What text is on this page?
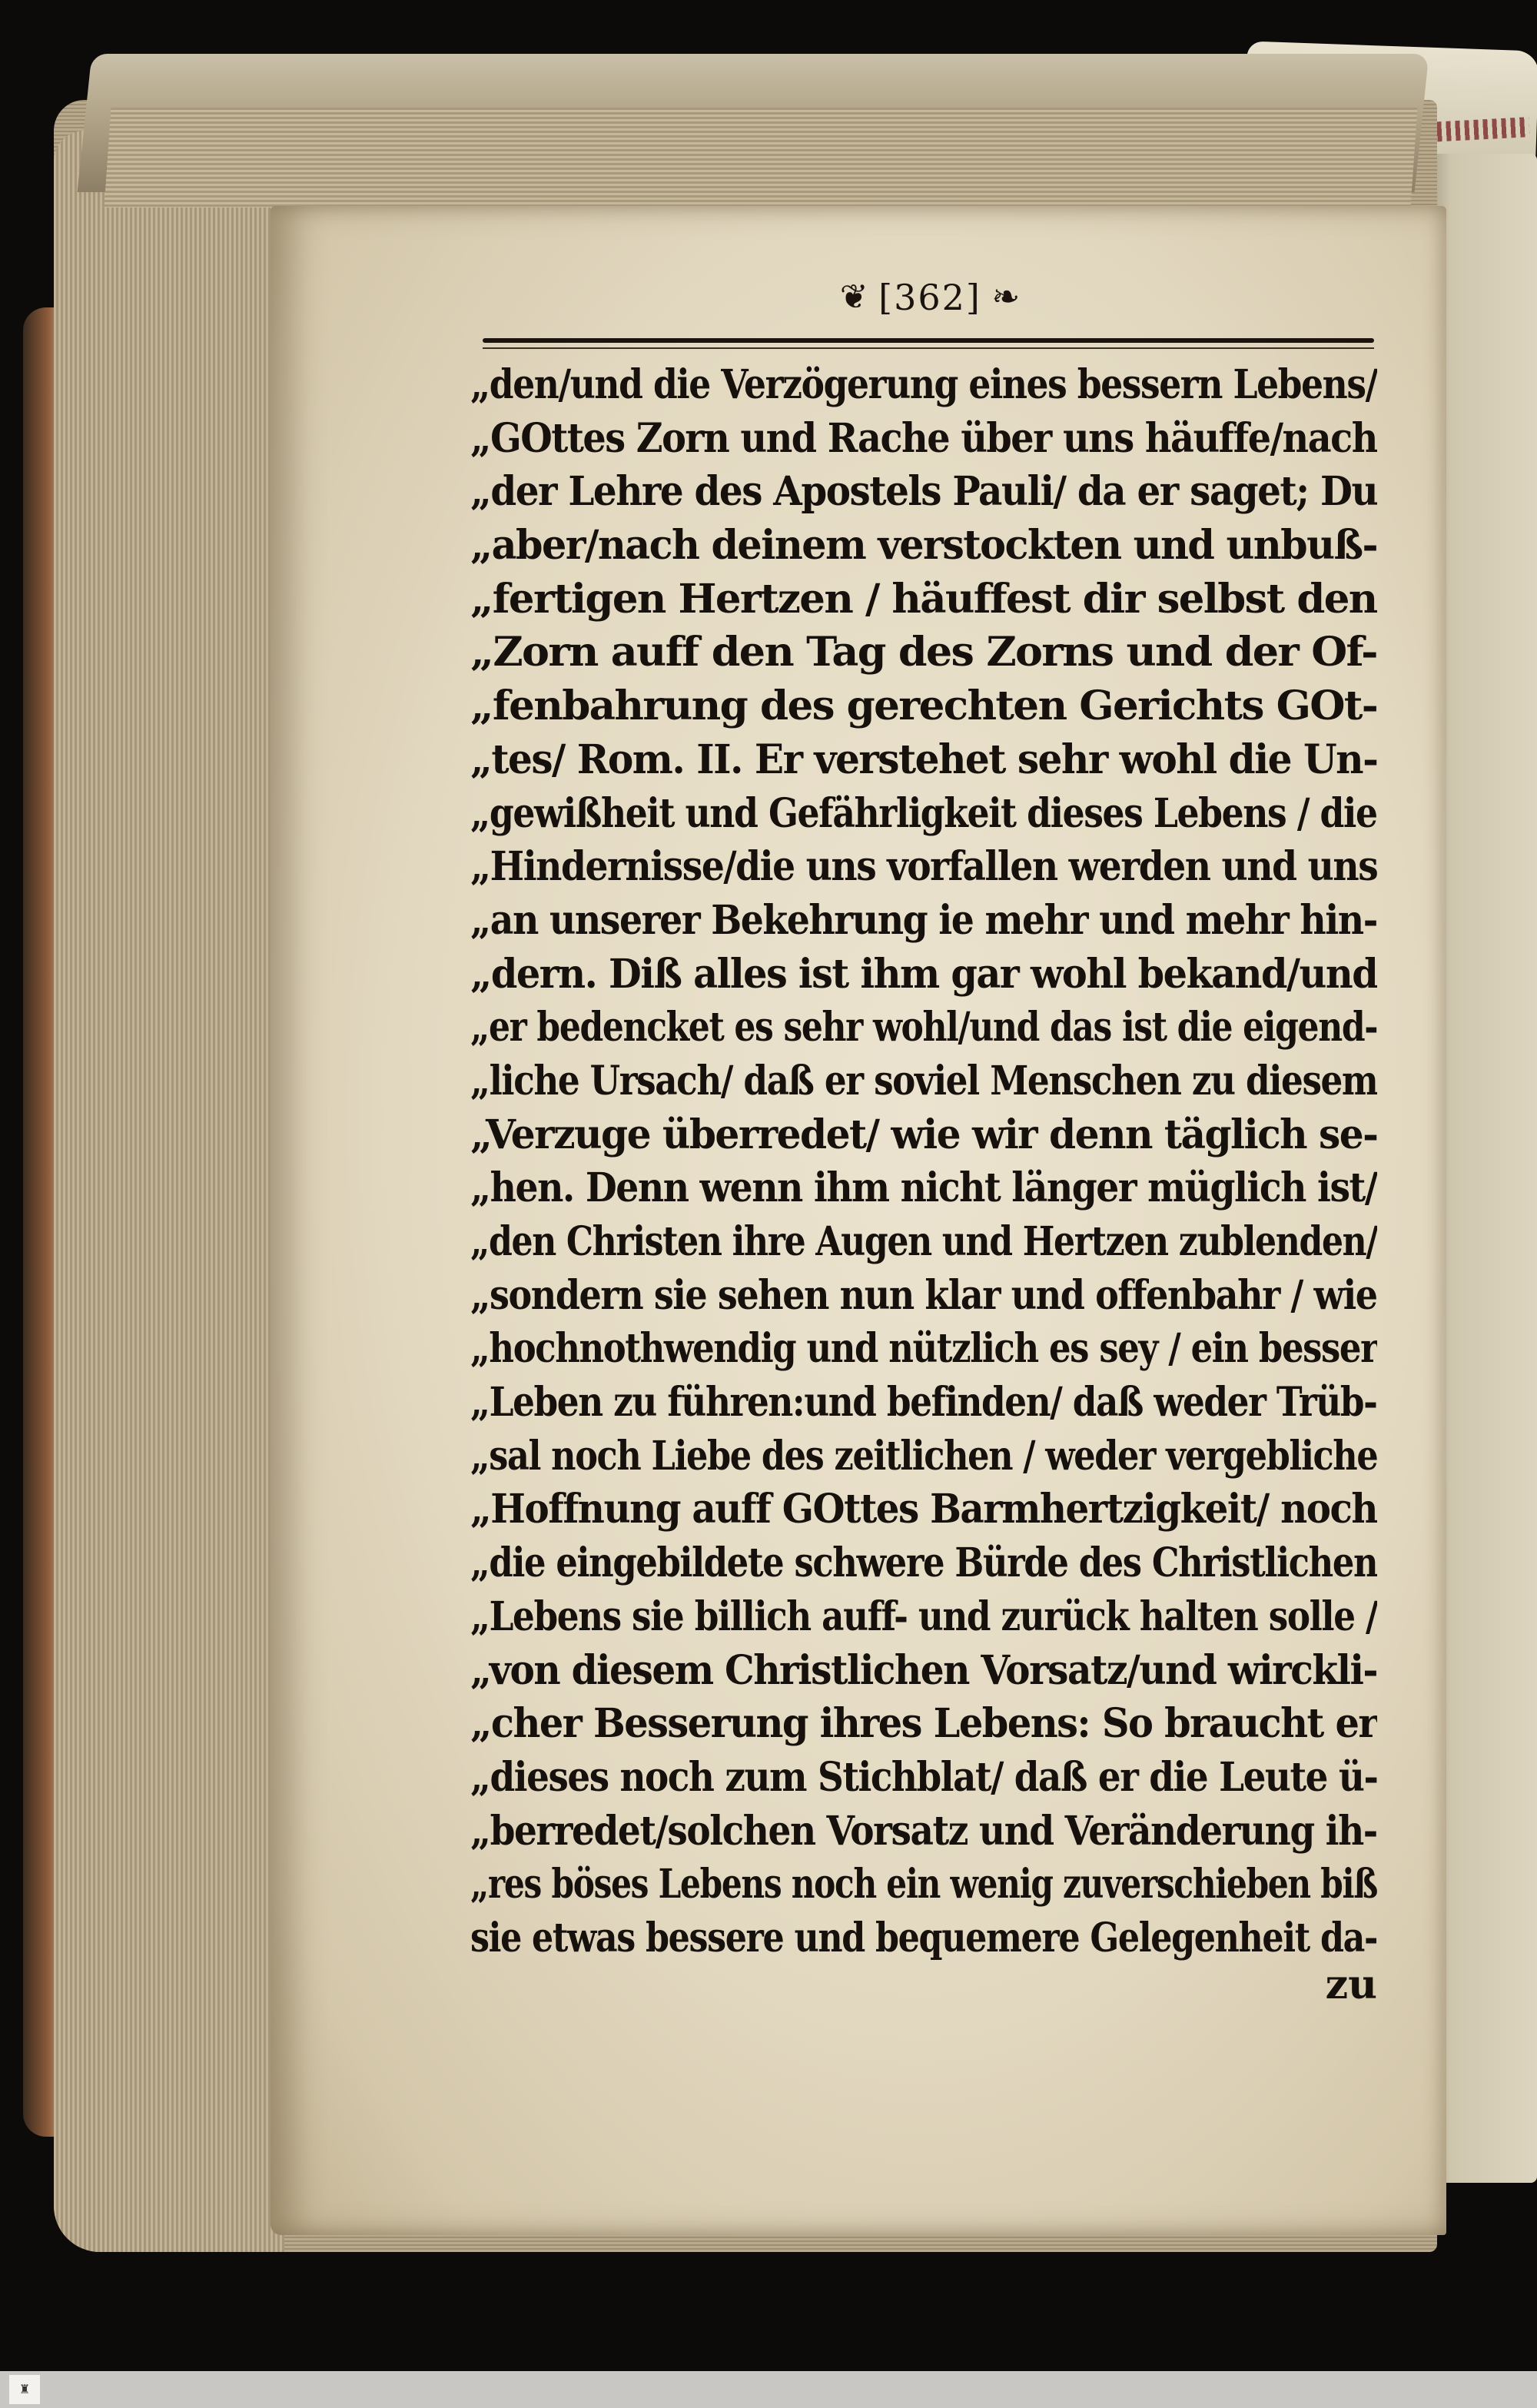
❦ [362] ❧
„den/und die Verzögerung eines bessern Lebens/
„GOttes Zorn und Rache über uns häuffe/nach
„der Lehre des Apostels Pauli/ da er saget; Du
„aber/nach deinem verstockten und unbuß-
„fertigen Hertzen / häuffest dir selbst den
„Zorn auff den Tag des Zorns und der Of-
„fenbahrung des gerechten Gerichts GOt-
„tes/ Rom. II. Er verstehet sehr wohl die Un-
„gewißheit und Gefährligkeit dieses Lebens / die
„Hindernisse/die uns vorfallen werden und uns
„an unserer Bekehrung ie mehr und mehr hin-
„dern. Diß alles ist ihm gar wohl bekand/und
„er bedencket es sehr wohl/und das ist die eigend-
„liche Ursach/ daß er soviel Menschen zu diesem
„Verzuge überredet/ wie wir denn täglich se-
„hen. Denn wenn ihm nicht länger müglich ist/
„den Christen ihre Augen und Hertzen zublenden/
„sondern sie sehen nun klar und offenbahr / wie
„hochnothwendig und nützlich es sey / ein besser
„Leben zu führen:und befinden/ daß weder Trüb-
„sal noch Liebe des zeitlichen / weder vergebliche
„Hoffnung auff GOttes Barmhertzigkeit/ noch
„die eingebildete schwere Bürde des Christlichen
„Lebens sie billich auff- und zurück halten solle /
„von diesem Christlichen Vorsatz/und wirckli-
„cher Besserung ihres Lebens: So braucht er
„dieses noch zum Stichblat/ daß er die Leute ü-
„berredet/solchen Vorsatz und Veränderung ih-
„res böses Lebens noch ein wenig zuverschieben biß
sie etwas bessere und bequemere Gelegenheit da-
zu
♜
